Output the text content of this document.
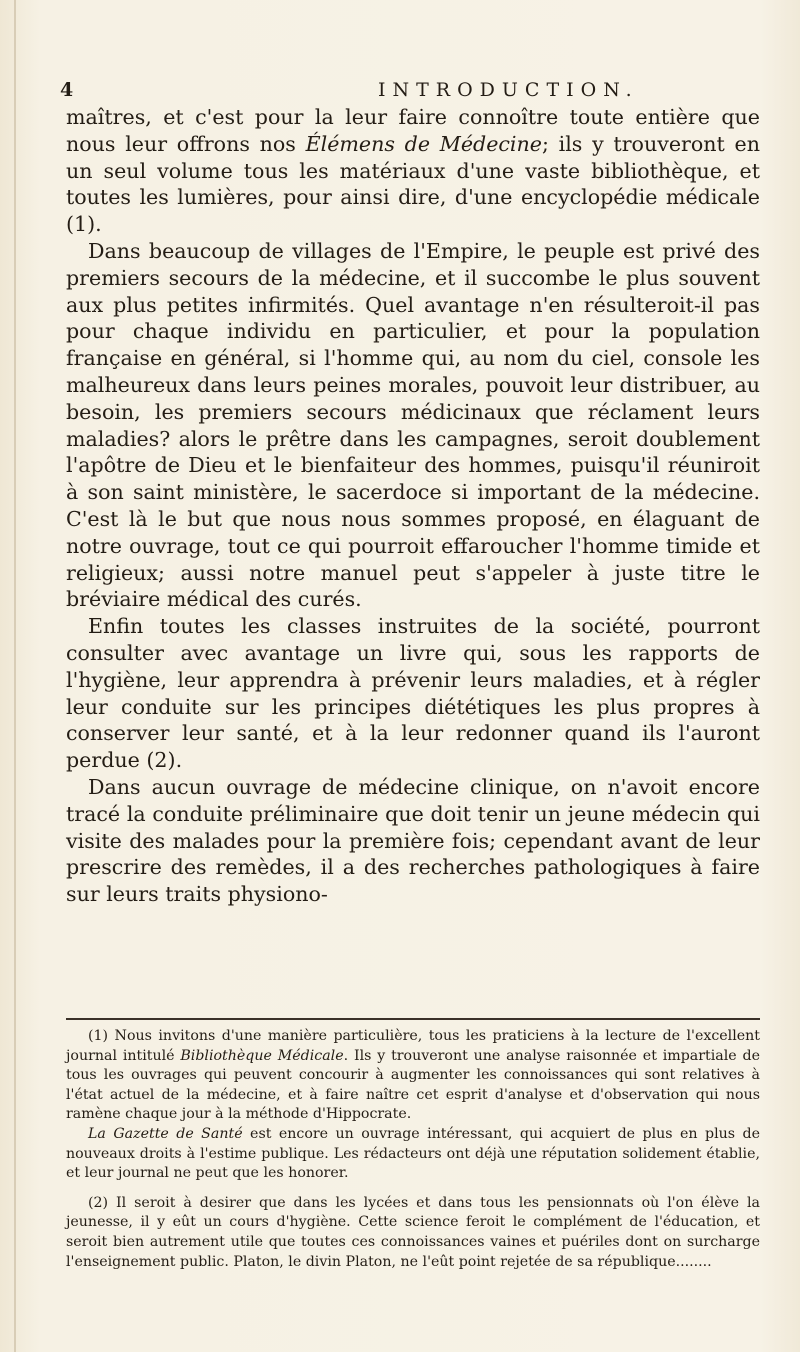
4	INTRODUCTION.

maîtres, et c'est pour la leur faire connoître toute entière que nous leur offrons nos Élémens de Médecine; ils y trouveront en un seul volume tous les matériaux d'une vaste bibliothèque, et toutes les lumières, pour ainsi dire, d'une encyclopédie médicale (1).

Dans beaucoup de villages de l'Empire, le peuple est privé des premiers secours de la médecine, et il succombe le plus souvent aux plus petites infirmités. Quel avantage n'en résulteroit-il pas pour chaque individu en particulier, et pour la population française en général, si l'homme qui, au nom du ciel, console les malheureux dans leurs peines morales, pouvoit leur distribuer, au besoin, les premiers secours médicinaux que réclament leurs maladies? alors le prêtre dans les campagnes, seroit doublement l'apôtre de Dieu et le bienfaiteur des hommes, puisqu'il réuniroit à son saint ministère, le sacerdoce si important de la médecine. C'est là le but que nous nous sommes proposé, en élaguant de notre ouvrage, tout ce qui pourroit effaroucher l'homme timide et religieux; aussi notre manuel peut s'appeler à juste titre le bréviaire médical des curés.

Enfin toutes les classes instruites de la société, pourront consulter avec avantage un livre qui, sous les rapports de l'hygiène, leur apprendra à prévenir leurs maladies, et à régler leur conduite sur les principes diététiques les plus propres à conserver leur santé, et à la leur redonner quand ils l'auront perdue (2).

Dans aucun ouvrage de médecine clinique, on n'avoit encore tracé la conduite préliminaire que doit tenir un jeune médecin qui visite des malades pour la première fois; cependant avant de leur prescrire des remèdes, il a des recherches pathologiques à faire sur leurs traits physiono-

(1) Nous invitons d'une manière particulière, tous les praticiens à la lecture de l'excellent journal intitulé Bibliothèque Médicale. Ils y trouveront une analyse raisonnée et impartiale de tous les ouvrages qui peuvent concourir à augmenter les connoissances qui sont relatives à l'état actuel de la médecine, et à faire naître cet esprit d'analyse et d'observation qui nous ramène chaque jour à la méthode d'Hippocrate.

La Gazette de Santé est encore un ouvrage intéressant, qui acquiert de plus en plus de nouveaux droits à l'estime publique. Les rédacteurs ont déjà une réputation solidement établie, et leur journal ne peut que les honorer.

(2) Il seroit à desirer que dans les lycées et dans tous les pensionnats où l'on élève la jeunesse, il y eût un cours d'hygiène. Cette science feroit le complément de l'éducation, et seroit bien autrement utile que toutes ces connoissances vaines et puériles dont on surcharge l'enseignement public. Platon, le divin Platon, ne l'eût point rejetée de sa république........
